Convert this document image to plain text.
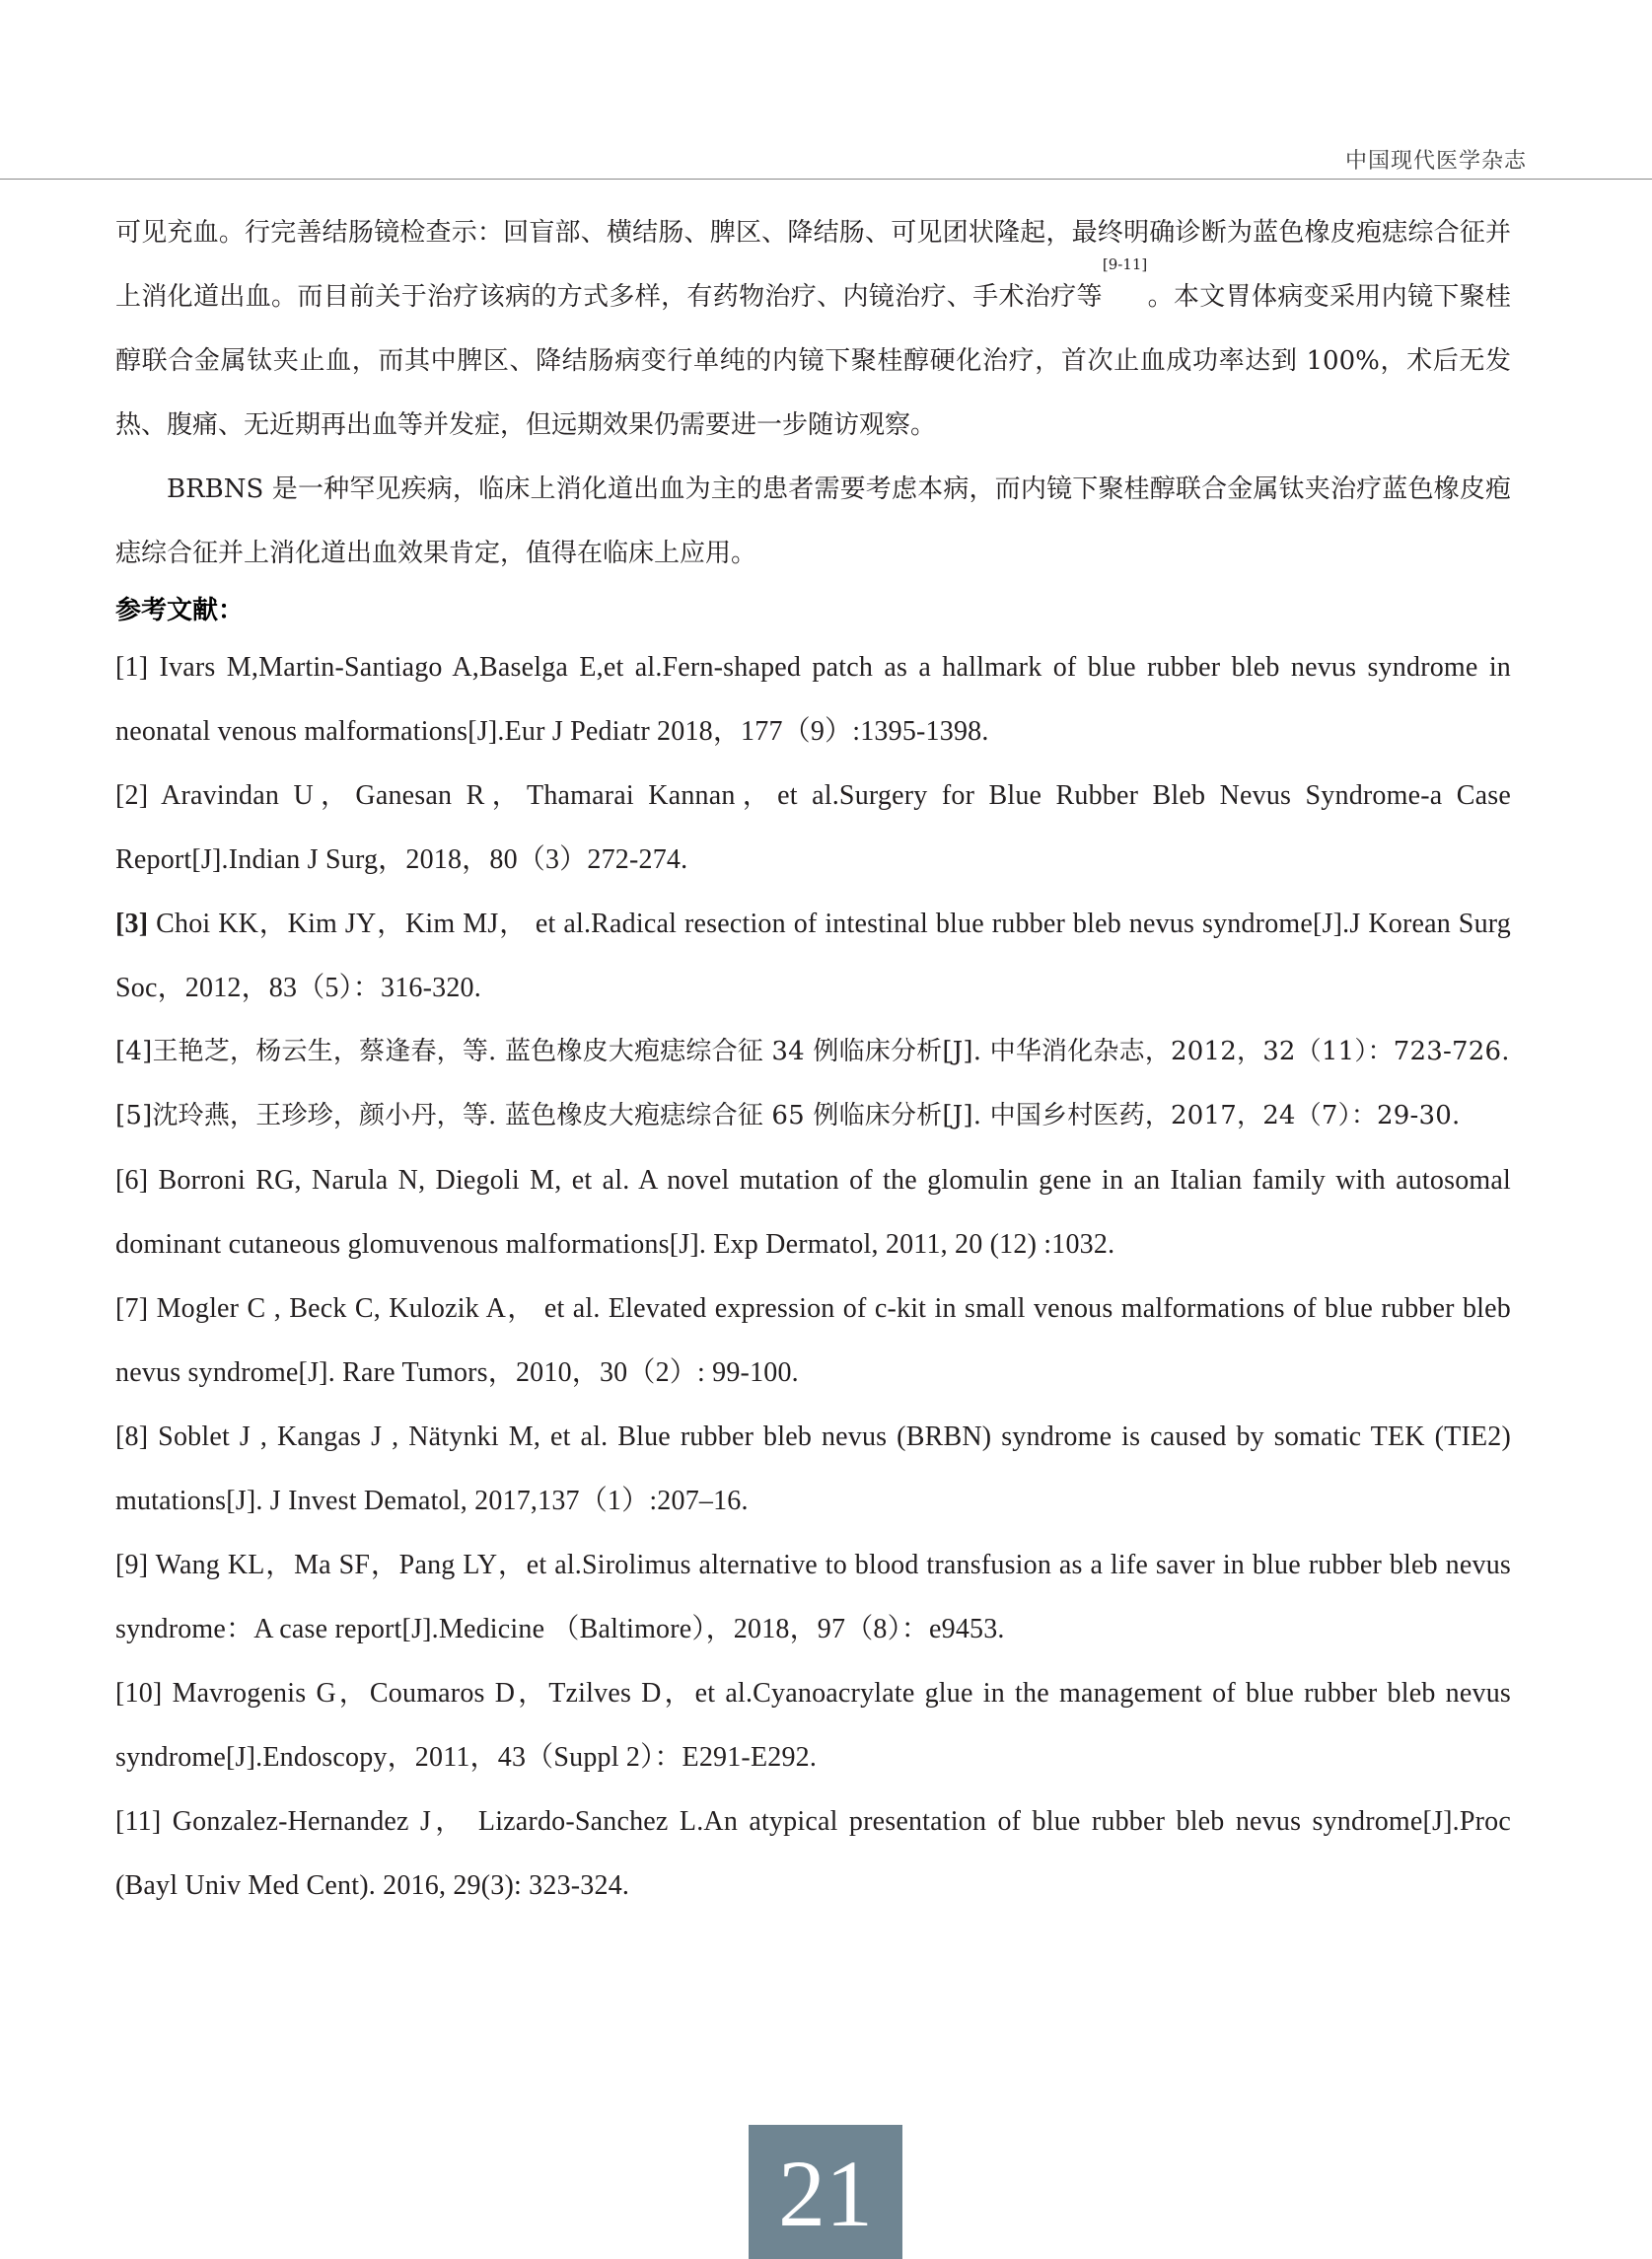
中国现代医学杂志

可见充血。行完善结肠镜检查示：回盲部、横结肠、脾区、降结肠、可见团状隆起，最终明确诊断为蓝色橡皮疱痣综合征并上消化道出血。而目前关于治疗该病的方式多样，有药物治疗、内镜治疗、手术治疗等[9-11]。本文胃体病变采用内镜下聚桂醇联合金属钛夹止血，而其中脾区、降结肠病变行单纯的内镜下聚桂醇硬化治疗，首次止血成功率达到 100%，术后无发热、腹痛、无近期再出血等并发症，但远期效果仍需要进一步随访观察。

BRBNS 是一种罕见疾病，临床上消化道出血为主的患者需要考虑本病，而内镜下聚桂醇联合金属钛夹治疗蓝色橡皮疱痣综合征并上消化道出血效果肯定，值得在临床上应用。

参考文献：
[1] Ivars M,Martin-Santiago A,Baselga E,et al.Fern-shaped patch as a hallmark of blue rubber bleb nevus syndrome in neonatal venous malformations[J].Eur J Pediatr 2018，177（9）:1395-1398.
[2] Aravindan U，Ganesan R，Thamarai Kannan，et al.Surgery for Blue Rubber Bleb Nevus Syndrome-a Case Report[J].Indian J Surg，2018，80（3）272-274.
[3] Choi KK，Kim JY，Kim MJ， et al.Radical resection of intestinal blue rubber bleb nevus syndrome[J].J Korean Surg Soc，2012，83（5）：316-320.
[4]王艳芝，杨云生，蔡逢春，等. 蓝色橡皮大疱痣综合征 34 例临床分析[J]. 中华消化杂志，2012，32（11）：723-726.
[5]沈玲燕，王珍珍，颜小丹，等. 蓝色橡皮大疱痣综合征 65 例临床分析[J]. 中国乡村医药，2017，24（7）：29-30.
[6] Borroni RG, Narula N, Diegoli M, et al. A novel mutation of the glomulin gene in an Italian family with autosomal dominant cutaneous glomuvenous malformations[J]. Exp Dermatol, 2011, 20 (12) :1032.
[7] Mogler C , Beck C, Kulozik A， et al. Elevated expression of c-kit in small venous malformations of blue rubber bleb nevus syndrome[J]. Rare Tumors，2010，30（2）: 99-100.
[8] Soblet J , Kangas J , Nätynki M, et al. Blue rubber bleb nevus (BRBN) syndrome is caused by somatic TEK (TIE2) mutations[J]. J Invest Dematol, 2017,137（1）:207–16.
[9] Wang KL，Ma SF，Pang LY，et al.Sirolimus alternative to blood transfusion as a life saver in blue rubber bleb nevus syndrome：A case report[J].Medicine （Baltimore），2018，97（8）：e9453.
[10] Mavrogenis G，Coumaros D，Tzilves D，et al.Cyanoacrylate glue in the management of blue rubber bleb nevus syndrome[J].Endoscopy，2011，43（Suppl 2）：E291-E292.
[11] Gonzalez-Hernandez J， Lizardo-Sanchez L.An atypical presentation of blue rubber bleb nevus syndrome[J].Proc (Bayl Univ Med Cent). 2016, 29(3): 323-324.
21
